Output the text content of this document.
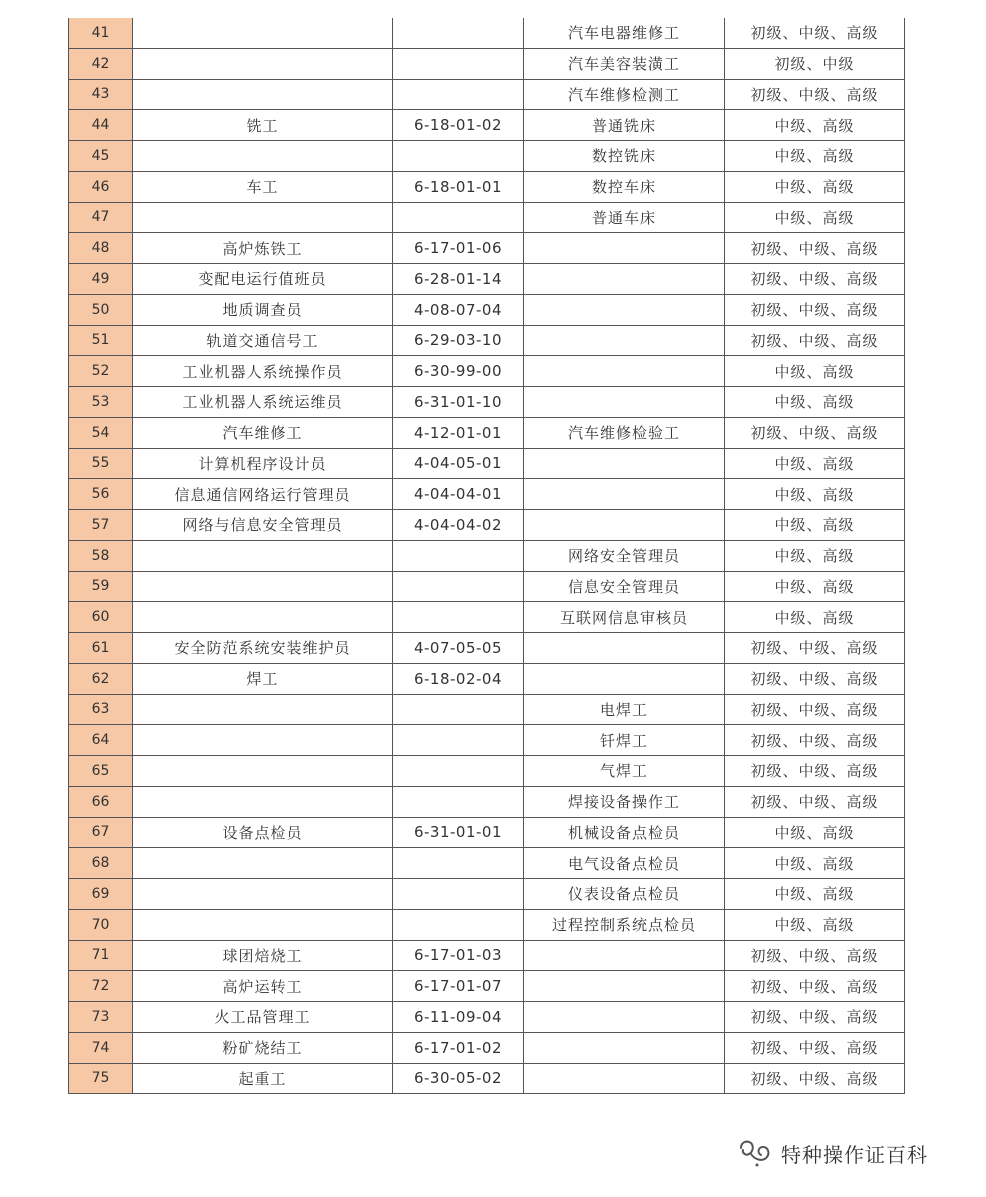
41			汽车电器维修工	初级、中级、高级
42			汽车美容装潢工	初级、中级
43			汽车维修检测工	初级、中级、高级
44	铣工	6-18-01-02	普通铣床	中级、高级
45			数控铣床	中级、高级
46	车工	6-18-01-01	数控车床	中级、高级
47			普通车床	中级、高级
48	高炉炼铁工	6-17-01-06		初级、中级、高级
49	变配电运行值班员	6-28-01-14		初级、中级、高级
50	地质调查员	4-08-07-04		初级、中级、高级
51	轨道交通信号工	6-29-03-10		初级、中级、高级
52	工业机器人系统操作员	6-30-99-00		中级、高级
53	工业机器人系统运维员	6-31-01-10		中级、高级
54	汽车维修工	4-12-01-01	汽车维修检验工	初级、中级、高级
55	计算机程序设计员	4-04-05-01		中级、高级
56	信息通信网络运行管理员	4-04-04-01		中级、高级
57	网络与信息安全管理员	4-04-04-02		中级、高级
58			网络安全管理员	中级、高级
59			信息安全管理员	中级、高级
60			互联网信息审核员	中级、高级
61	安全防范系统安装维护员	4-07-05-05		初级、中级、高级
62	焊工	6-18-02-04		初级、中级、高级
63			电焊工	初级、中级、高级
64			钎焊工	初级、中级、高级
65			气焊工	初级、中级、高级
66			焊接设备操作工	初级、中级、高级
67	设备点检员	6-31-01-01	机械设备点检员	中级、高级
68			电气设备点检员	中级、高级
69			仪表设备点检员	中级、高级
70			过程控制系统点检员	中级、高级
71	球团焙烧工	6-17-01-03		初级、中级、高级
72	高炉运转工	6-17-01-07		初级、中级、高级
73	火工品管理工	6-11-09-04		初级、中级、高级
74	粉矿烧结工	6-17-01-02		初级、中级、高级
75	起重工	6-30-05-02		初级、中级、高级
特种操作证百科
